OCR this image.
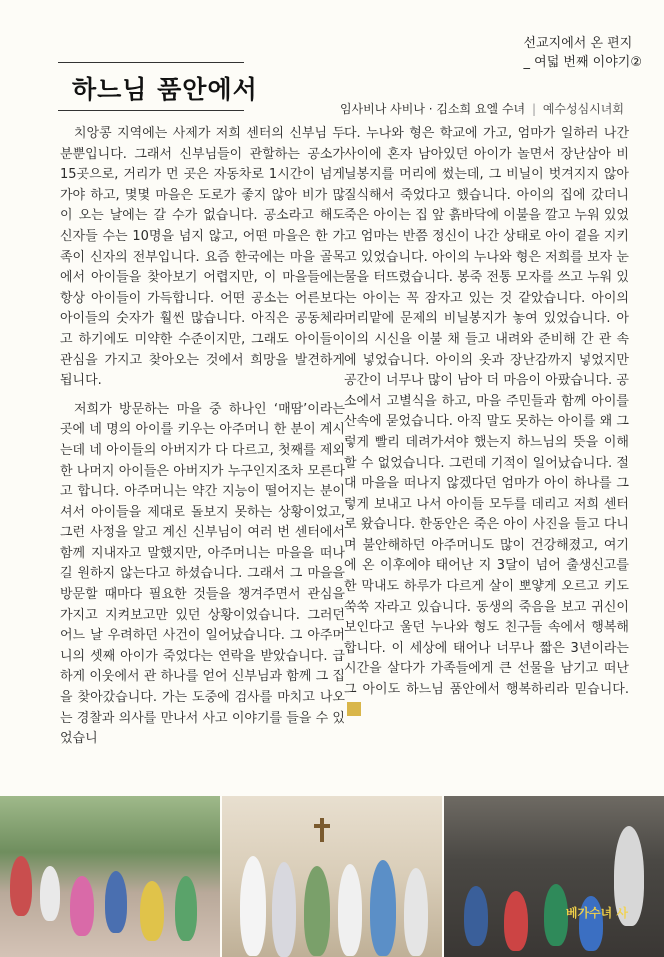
선교지에서 온 편지
_ 여덟 번째 이야기②
하느님 품안에서
임사비나 사비나 · 김소희 요엘 수녀 | 예수성심시녀회

치앙콩 지역에는 사제가 저희 센터의 신부님 두 분뿐입니다. 그래서 신부님들이 관할하는 공소가 15곳으로, 거리가 먼 곳은 자동차로 1시간이 넘게 가야 하고, 몇몇 마을은 도로가 좋지 않아 비가 많이 오는 날에는 갈 수가 없습니다. 공소라고 해도 신자들 수는 10명을 넘지 않고, 어떤 마을은 한 가족이 신자의 전부입니다. 요즘 한국에는 마을 골목에서 아이들을 찾아보기 어렵지만, 이 마을들에는 항상 아이들이 가득합니다. 어떤 공소는 어른보다 아이들의 숫자가 훨씬 많습니다. 아직은 공동체라고 하기에도 미약한 수준이지만, 그래도 아이들이 관심을 가지고 찾아오는 것에서 희망을 발견하게 됩니다.

저희가 방문하는 마을 중 하나인 ‘매땀’이라는 곳에 네 명의 아이를 키우는 아주머니 한 분이 계시는데 네 아이들의 아버지가 다 다르고, 첫째를 제외한 나머지 아이들은 아버지가 누구인지조차 모른다고 합니다. 아주머니는 약간 지능이 떨어지는 분이셔서 아이들을 제대로 돌보지 못하는 상황이었고, 그런 사정을 알고 계신 신부님이 여러 번 센터에서 함께 지내자고 말했지만, 아주머니는 마을을 떠나길 원하지 않는다고 하셨습니다. 그래서 그 마을을 방문할 때마다 필요한 것들을 챙겨주면서 관심을 가지고 지켜보고만 있던 상황이었습니다. 그러던 어느 날 우려하던 사건이 일어났습니다. 그 아주머니의 셋째 아이가 죽었다는 연락을 받았습니다. 급하게 이웃에서 관 하나를 얻어 신부님과 함께 그 집을 찾아갔습니다. 가는 도중에 검사를 마치고 나오는 경찰과 의사를 만나서 사고 이야기를 들을 수 있었습니

다. 누나와 형은 학교에 가고, 엄마가 일하러 나간 사이에 혼자 남아있던 아이가 놀면서 장난삼아 비닐봉지를 머리에 썼는데, 그 비닐이 벗겨지지 않아 질식해서 죽었다고 했습니다. 아이의 집에 갔더니 죽은 아이는 집 앞 흙바닥에 이불을 깔고 누워 있었고 엄마는 반쯤 정신이 나간 상태로 아이 곁을 지키고 있었습니다. 아이의 누나와 형은 저희를 보자 눈물을 터뜨렸습니다. 봉죽 전통 모자를 쓰고 누워 있는 아이는 꼭 잠자고 있는 것 같았습니다. 아이의 머리맡에 문제의 비닐봉지가 놓여 있었습니다. 아이의 시신을 이불 채 들고 내려와 준비해 간 관 속에 넣었습니다. 아이의 옷과 장난감까지 넣었지만 공간이 너무나 많이 남아 더 마음이 아팠습니다. 공소에서 고별식을 하고, 마을 주민들과 함께 아이를 산속에 묻었습니다. 아직 말도 못하는 아이를 왜 그렇게 빨리 데려가셔야 했는지 하느님의 뜻을 이해할 수 없었습니다. 그런데 기적이 일어났습니다. 절대 마을을 떠나지 않겠다던 엄마가 아이 하나를 그렇게 보내고 나서 아이들 모두를 데리고 저희 센터로 왔습니다. 한동안은 죽은 아이 사진을 들고 다니며 불안해하던 아주머니도 많이 건강해졌고, 여기에 온 이후에야 태어난 지 3달이 넘어 출생신고를 한 막내도 하루가 다르게 살이 뽀얗게 오르고 키도 쑥쑥 자라고 있습니다. 동생의 죽음을 보고 귀신이 보인다고 울던 누나와 형도 친구들 속에서 행복해합니다. 이 세상에 태어나 너무나 짧은 3년이라는 시간을 살다가 가족들에게 큰 선물을 남기고 떠난 그 아이도 하느님 품안에서 행복하리라 믿습니다.

베가수녀 사
